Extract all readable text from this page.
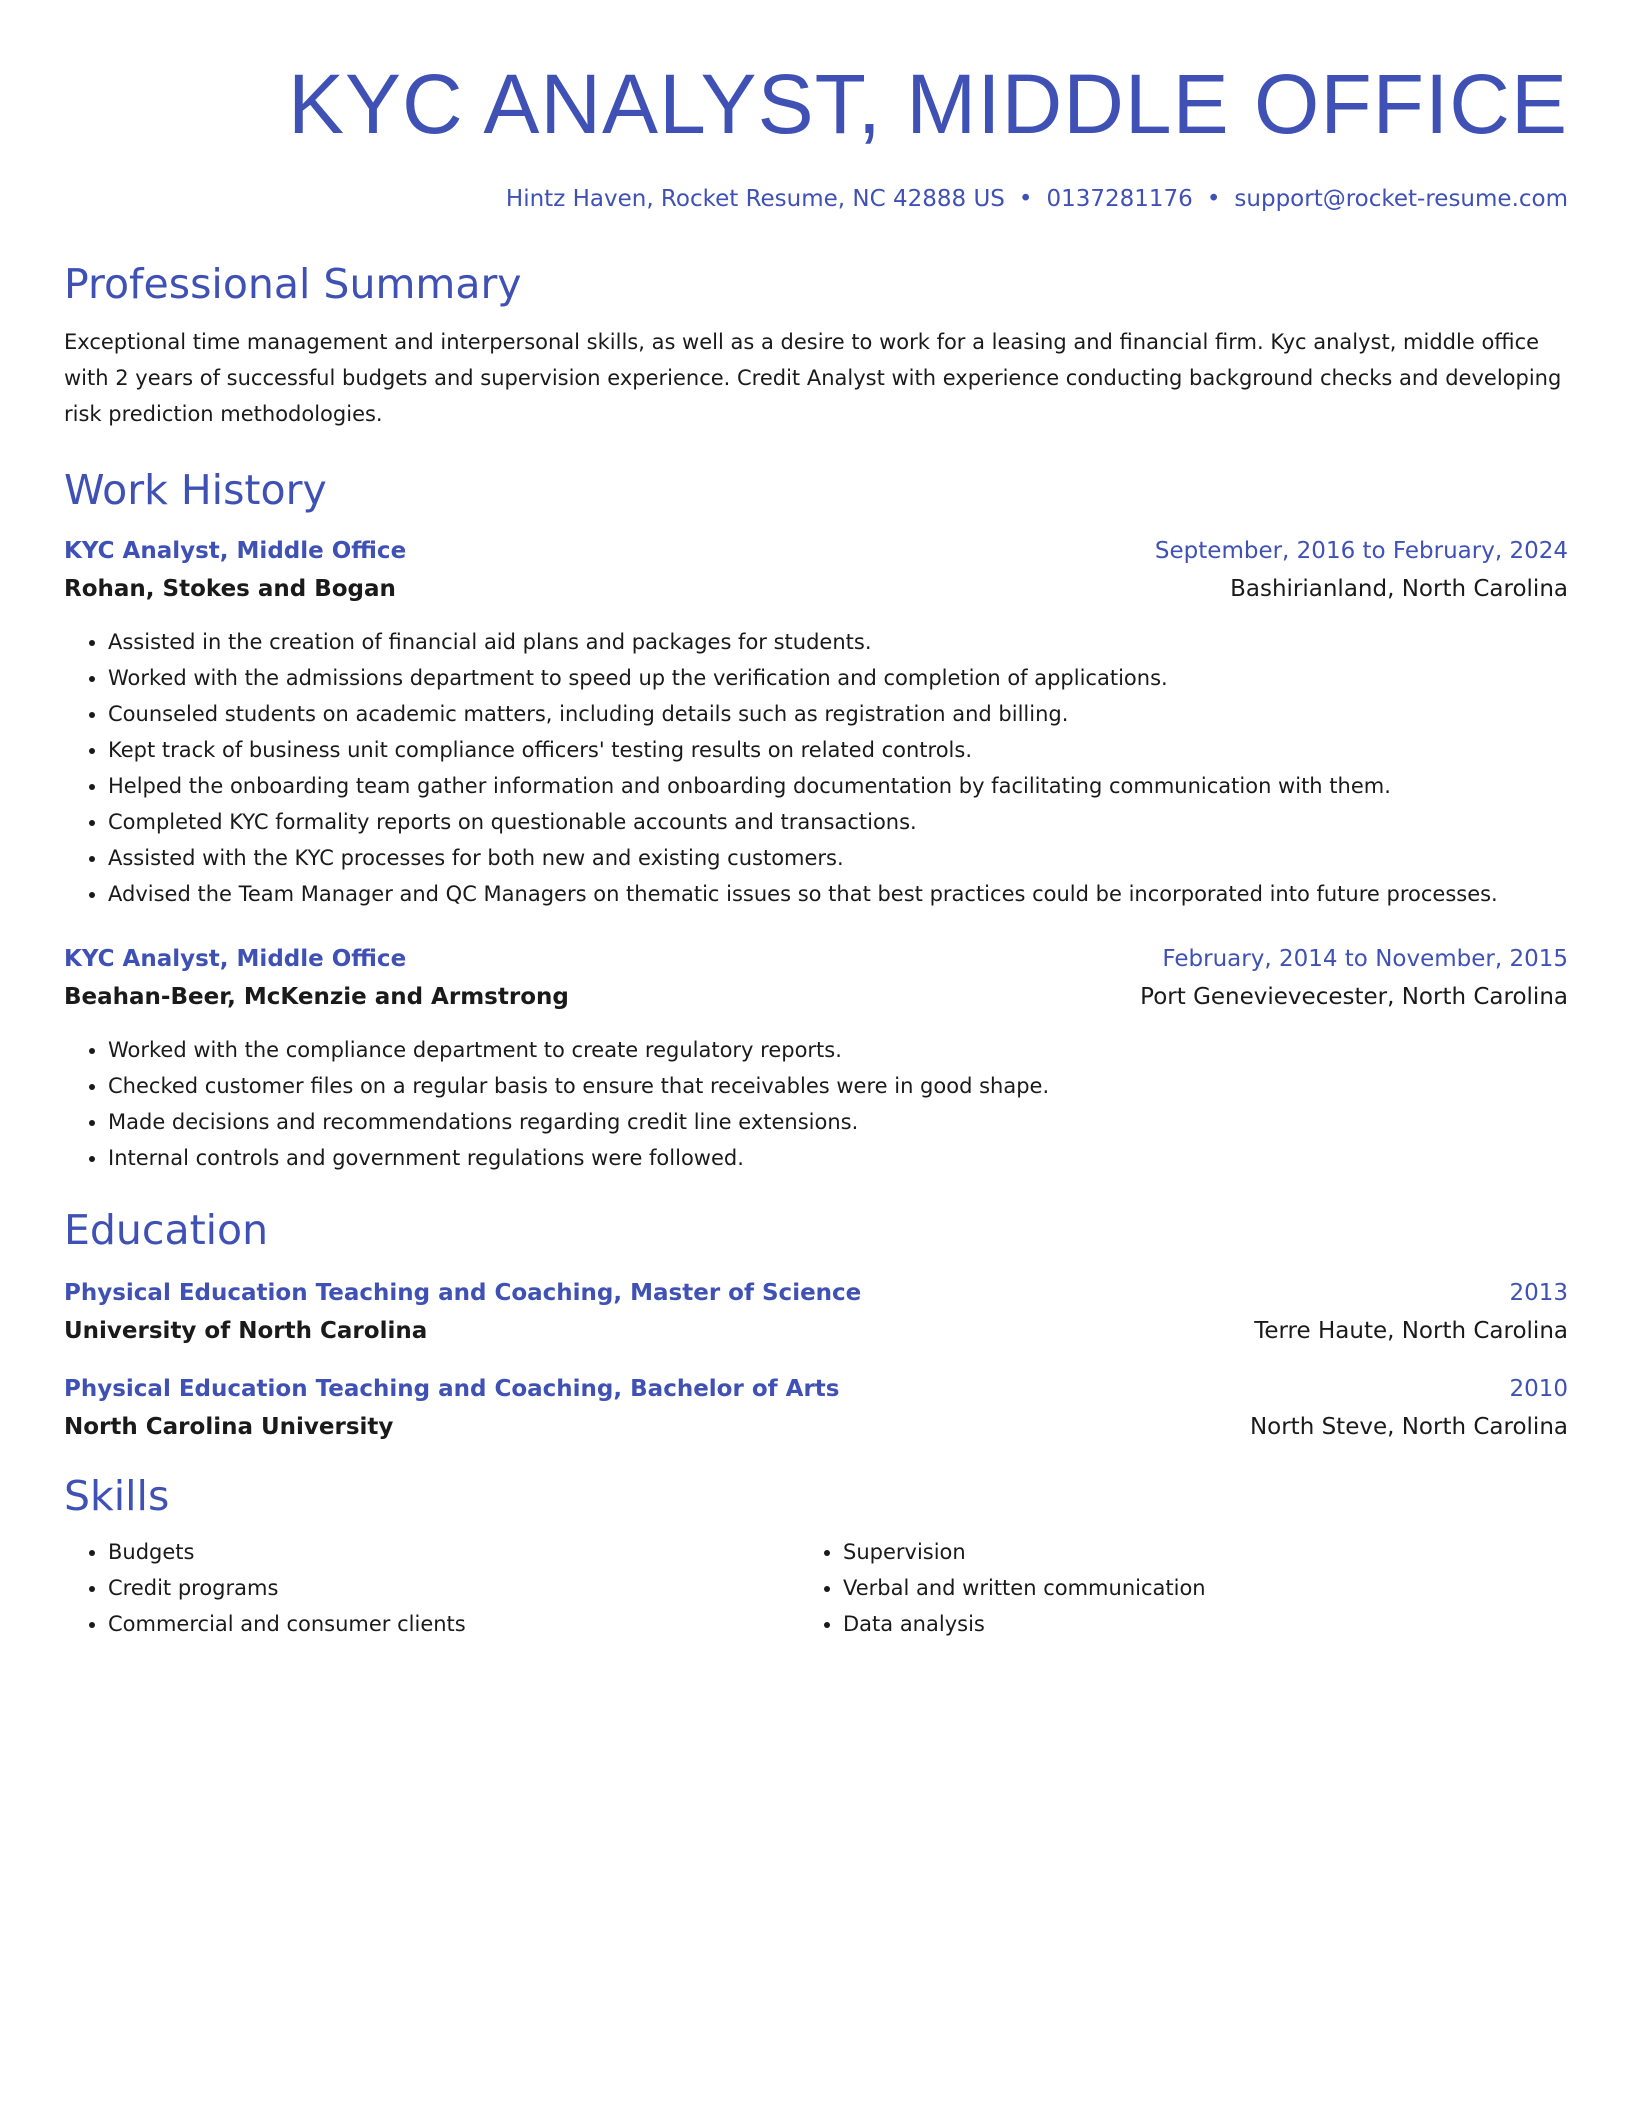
KYC ANALYST, MIDDLE OFFICE
Hintz Haven, Rocket Resume, NC 42888 US • 0137281176 • support@rocket-resume.com
Professional Summary

Exceptional time management and interpersonal skills, as well as a desire to work for a leasing and financial firm. Kyc analyst, middle office with 2 years of successful budgets and supervision experience. Credit Analyst with experience conducting background checks and developing risk prediction methodologies.

Work History
KYC Analyst, Middle Office	September, 2016 to February, 2024
Rohan, Stokes and Bogan	Bashirianland, North Carolina
• Assisted in the creation of financial aid plans and packages for students.
• Worked with the admissions department to speed up the verification and completion of applications.
• Counseled students on academic matters, including details such as registration and billing.
• Kept track of business unit compliance officers' testing results on related controls.
• Helped the onboarding team gather information and onboarding documentation by facilitating communication with them.
• Completed KYC formality reports on questionable accounts and transactions.
• Assisted with the KYC processes for both new and existing customers.
• Advised the Team Manager and QC Managers on thematic issues so that best practices could be incorporated into future processes.
KYC Analyst, Middle Office	February, 2014 to November, 2015
Beahan-Beer, McKenzie and Armstrong	Port Genevievecester, North Carolina
• Worked with the compliance department to create regulatory reports.
• Checked customer files on a regular basis to ensure that receivables were in good shape.
• Made decisions and recommendations regarding credit line extensions.
• Internal controls and government regulations were followed.
Education
Physical Education Teaching and Coaching, Master of Science	2013
University of North Carolina	Terre Haute, North Carolina
Physical Education Teaching and Coaching, Bachelor of Arts	2010
North Carolina University	North Steve, North Carolina
Skills
• Budgets
• Credit programs
• Commercial and consumer clients
• Supervision
• Verbal and written communication
• Data analysis
